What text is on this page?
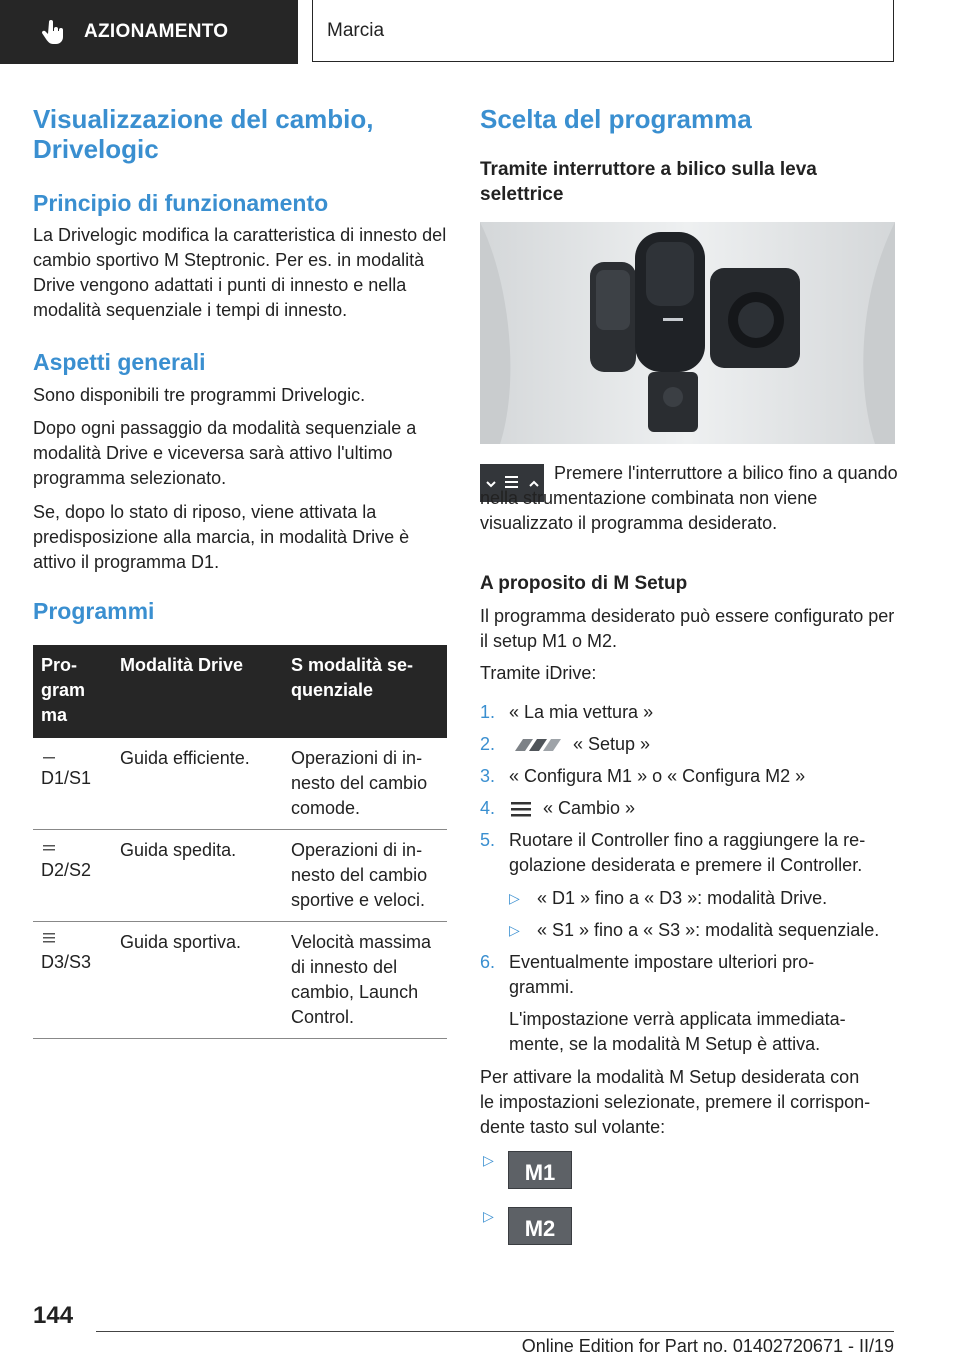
AZIONAMENTO	Marcia
Visualizzazione del cambio, Drivelogic
Principio di funzionamento

La Drivelogic modifica la caratteristica di innesto del cambio sportivo M Steptronic. Per es. in modalità Drive vengono adattati i punti di innesto e nella modalità sequenziale i tempi di innesto.

Aspetti generali

Sono disponibili tre programmi Drivelogic.

Dopo ogni passaggio da modalità sequenziale a modalità Drive e viceversa sarà attivo l'ultimo programma selezionato.

Se, dopo lo stato di riposo, viene attivata la predisposizione alla marcia, in modalità Drive è attivo il programma D1.

Programmi
Pro-
gram
ma	Modalità Drive	S modalità se-
quenziale

D1/S1	Guida efficiente.	Operazioni di in-
nesto del cambio
comode.

D2/S2	Guida spedita.	Operazioni di in-
nesto del cambio
sportive e veloci.

D3/S3	Guida sportiva.	Velocità massima
di innesto del
cambio, Launch
Control.
Scelta del programma
Tramite interruttore a bilico sulla leva selettrice

Premere l'interruttore a bilico fino a quando nella strumentazione combinata non viene visualizzato il programma desiderato.

A proposito di M Setup

Il programma desiderato può essere configurato per il setup M1 o M2.

Tramite iDrive:

1. « La mia vettura »
2.	« Setup »
3. « Configura M1 » o « Configura M2 »
4.	« Cambio »
5. Ruotare il Controller fino a raggiungere la re-
golazione desiderata e premere il Controller.
▷ « D1 » fino a « D3 »: modalità Drive.
▷ « S1 » fino a « S3 »: modalità sequenziale.
6. Eventualmente impostare ulteriori pro-
grammi.
L'impostazione verrà applicata immediata-
mente, se la modalità M Setup è attiva.

Per attivare la modalità M Setup desiderata con
le impostazioni selezionate, premere il corrispon-
dente tasto sul volante:

▷ M1
▷ M2
144
Online Edition for Part no. 01402720671 - II/19
